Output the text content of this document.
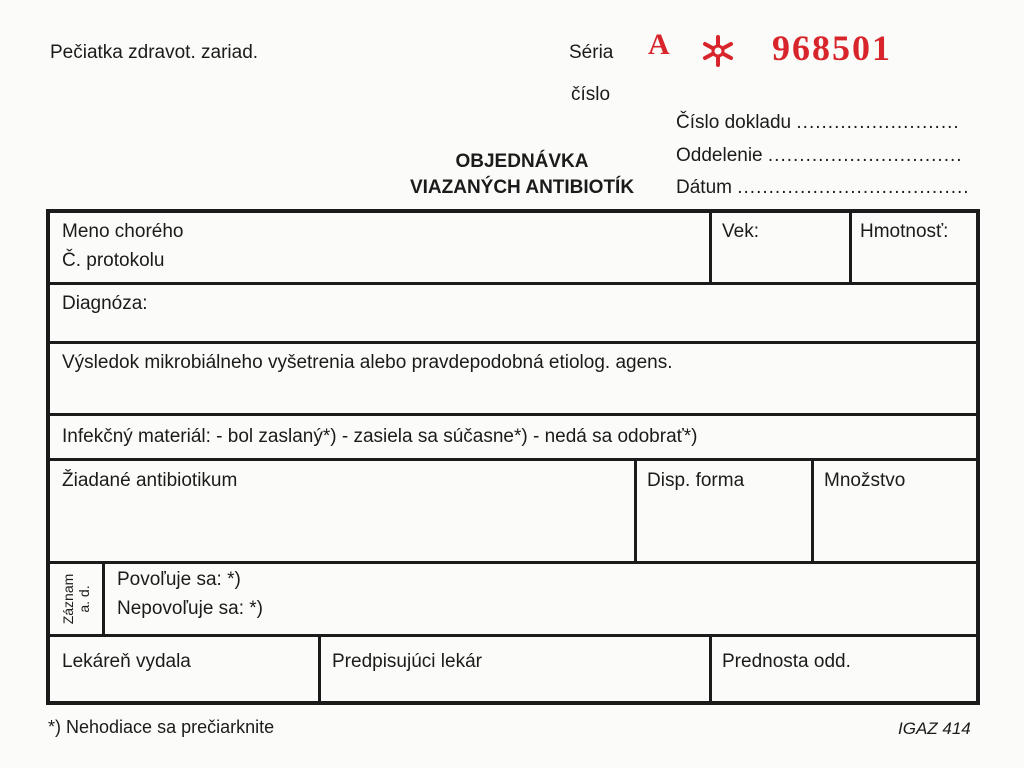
Pečiatka zdravot. zariad.	Séria
číslo
A	968501
Číslo dokladu ..........................
Oddelenie ...............................
Dátum .....................................
OBJEDNÁVKA
VIAZANÝCH ANTIBIOTÍK
Meno chorého
Č. protokolu
Vek:	Hmotnosť:
Diagnóza:
Výsledok mikrobiálneho vyšetrenia alebo pravdepodobná etiolog. agens.
Infekčný materiál: - bol zaslaný*) - zasiela sa súčasne*) - nedá sa odobrať*)
Žiadané antibiotikum	Disp. forma	Množstvo
Záznam a. d.
Povoľuje sa: *)
Nepovoľuje sa: *)
Lekáreň vydala	Predpisujúci lekár	Prednosta odd.
*) Nehodiace sa prečiarknite	IGAZ 414
